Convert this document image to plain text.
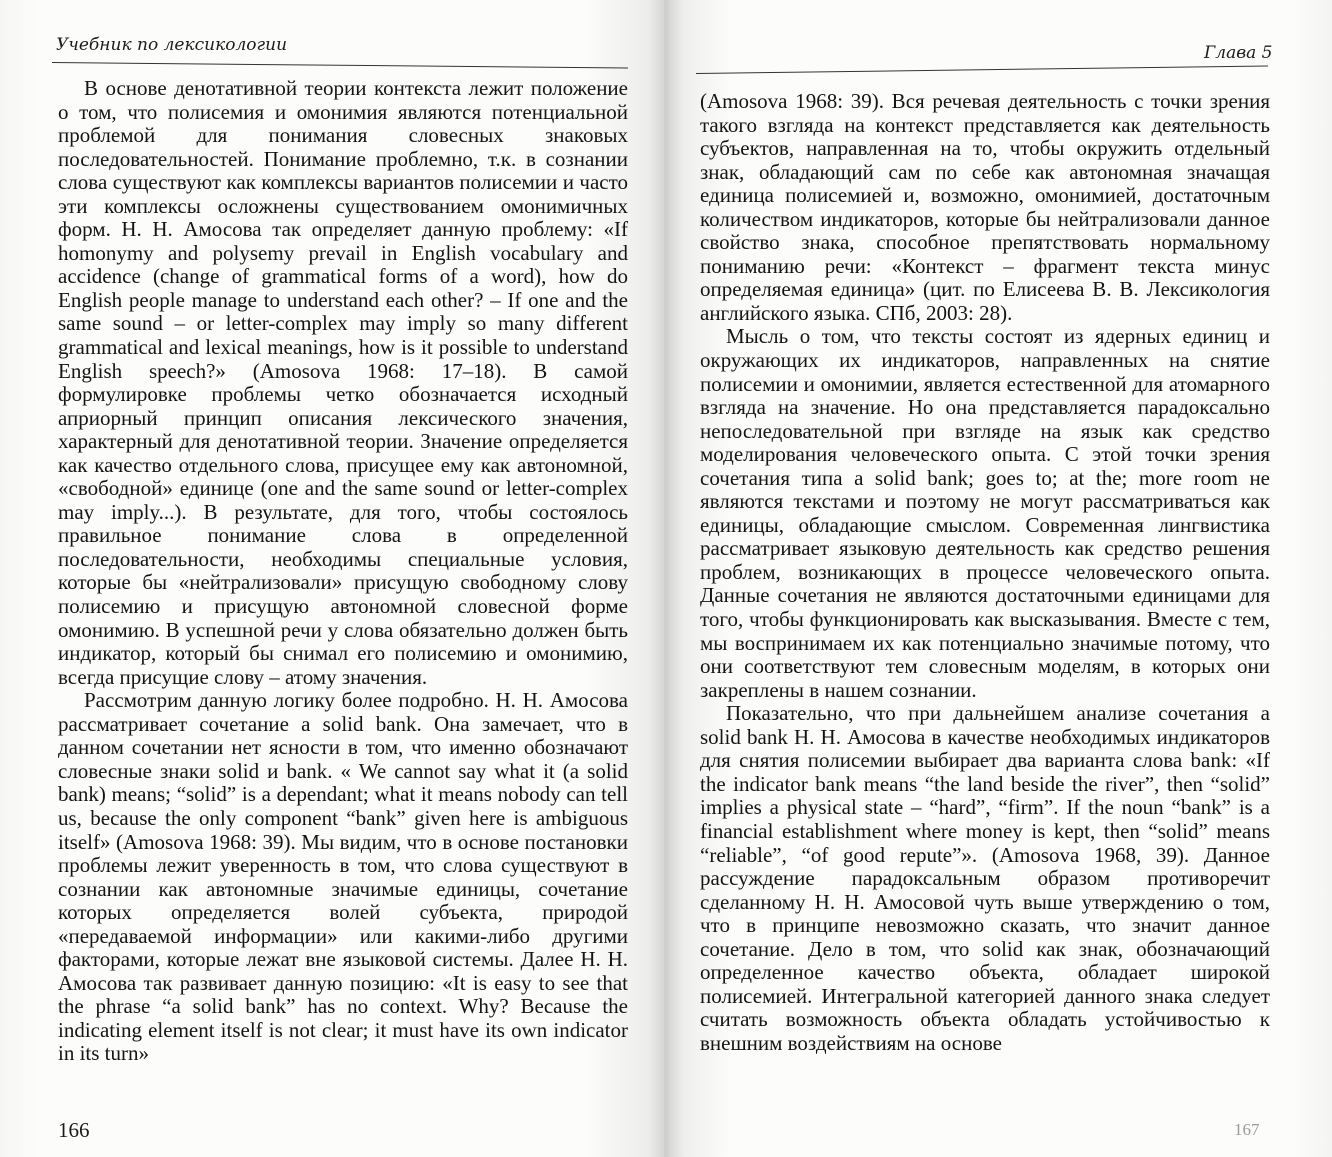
Учебник по лексикологии

В основе денотативной теории контекста лежит положение о том, что полисемия и омонимия являются потенциальной проблемой для понимания словесных знаковых последовательностей. Понимание проблемно, т.к. в сознании слова существуют как комплексы вариантов полисемии и часто эти комплексы осложнены существованием омонимичных форм. Н. Н. Амосова так определяет данную проблему: «If homonymy and polysemy prevail in English vocabulary and accidence (change of grammatical forms of a word), how do English people manage to understand each other? – If one and the same sound – or letter-complex may imply so many different grammatical and lexical meanings, how is it possible to understand English speech?» (Amosova 1968: 17–18). В самой формулировке проблемы четко обозначается исходный априорный принцип описания лексического значения, характерный для денотативной теории. Значение определяется как качество отдельного слова, присущее ему как автономной, «свободной» единице (one and the same sound or letter-complex may imply...). В результате, для того, чтобы состоялось правильное понимание слова в определенной последовательности, необходимы специальные условия, которые бы «нейтрализовали» присущую свободному слову полисемию и присущую автономной словесной форме омонимию. В успешной речи у слова обязательно должен быть индикатор, который бы снимал его полисемию и омонимию, всегда присущие слову – атому значения.

Рассмотрим данную логику более подробно. Н. Н. Амосова рассматривает сочетание a solid bank. Она замечает, что в данном сочетании нет ясности в том, что именно обозначают словесные знаки solid и bank. « We cannot say what it (a solid bank) means; “solid” is a dependant; what it means nobody can tell us, because the only component “bank” given here is ambiguous itself» (Amosova 1968: 39). Мы видим, что в основе постановки проблемы лежит уверенность в том, что слова существуют в сознании как автономные значимые единицы, сочетание которых определяется волей субъекта, природой «передаваемой информации» или какими-либо другими факторами, которые лежат вне языковой системы. Далее Н. Н. Амосова так развивает данную позицию: «It is easy to see that the phrase “a solid bank” has no context. Why? Because the indicating element itself is not clear; it must have its own indicator in its turn»

166
Глава 5

(Amosova 1968: 39). Вся речевая деятельность с точки зрения такого взгляда на контекст представляется как деятельность субъектов, направленная на то, чтобы окружить отдельный знак, обладающий сам по себе как автономная значащая единица полисемией и, возможно, омонимией, достаточным количеством индикаторов, которые бы нейтрализовали данное свойство знака, способное препятствовать нормальному пониманию речи: «Контекст – фрагмент текста минус определяемая единица» (цит. по Елисеева В. В. Лексикология английского языка. СПб, 2003: 28).

Мысль о том, что тексты состоят из ядерных единиц и окружающих их индикаторов, направленных на снятие полисемии и омонимии, является естественной для атомарного взгляда на значение. Но она представляется парадоксально непоследовательной при взгляде на язык как средство моделирования человеческого опыта. С этой точки зрения сочетания типа a solid bank; goes to; at the; more room не являются текстами и поэтому не могут рассматриваться как единицы, обладающие смыслом. Современная лингвистика рассматривает языковую деятельность как средство решения проблем, возникающих в процессе человеческого опыта. Данные сочетания не являются достаточными единицами для того, чтобы функционировать как высказывания. Вместе с тем, мы воспринимаем их как потенциально значимые потому, что они соответствуют тем словесным моделям, в которых они закреплены в нашем сознании.

Показательно, что при дальнейшем анализе сочетания a solid bank Н. Н. Амосова в качестве необходимых индикаторов для снятия полисемии выбирает два варианта слова bank: «If the indicator bank means “the land beside the river”, then “solid” implies a physical state – “hard”, “firm”. If the noun “bank” is a financial establishment where money is kept, then “solid” means “reliable”, “of good repute”». (Amosova 1968, 39). Данное рассуждение парадоксальным образом противоречит сделанному Н. Н. Амосовой чуть выше утверждению о том, что в принципе невозможно сказать, что значит данное сочетание. Дело в том, что solid как знак, обозначающий определенное качество объекта, обладает широкой полисемией. Интегральной категорией данного знака следует считать возможность объекта обладать устойчивостью к внешним воздействиям на основе

167
